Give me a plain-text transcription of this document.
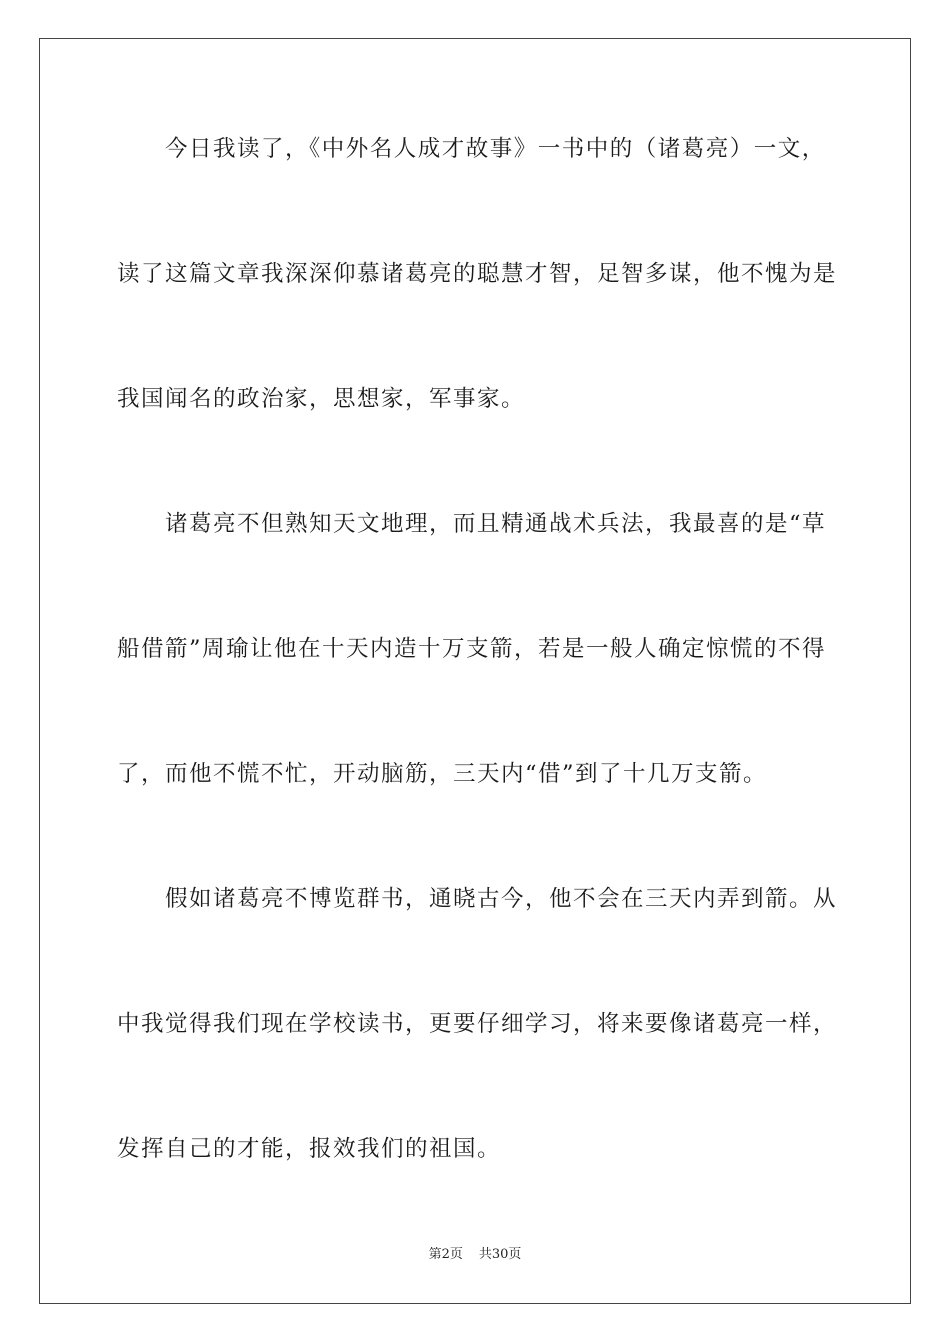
今日我读了，《中外名人成才故事》一书中的（诸葛亮）一文，
读了这篇文章我深深仰慕诸葛亮的聪慧才智，足智多谋，他不愧为是
我国闻名的政治家，思想家，军事家。
诸葛亮不但熟知天文地理，而且精通战术兵法，我最喜的是“草
船借箭”周瑜让他在十天内造十万支箭，若是一般人确定惊慌的不得
了，而他不慌不忙，开动脑筋，三天内“借”到了十几万支箭。
假如诸葛亮不博览群书，通晓古今，他不会在三天内弄到箭。从
中我觉得我们现在学校读书，更要仔细学习，将来要像诸葛亮一样，
发挥自己的才能，报效我们的祖国。
第2页 共30页
